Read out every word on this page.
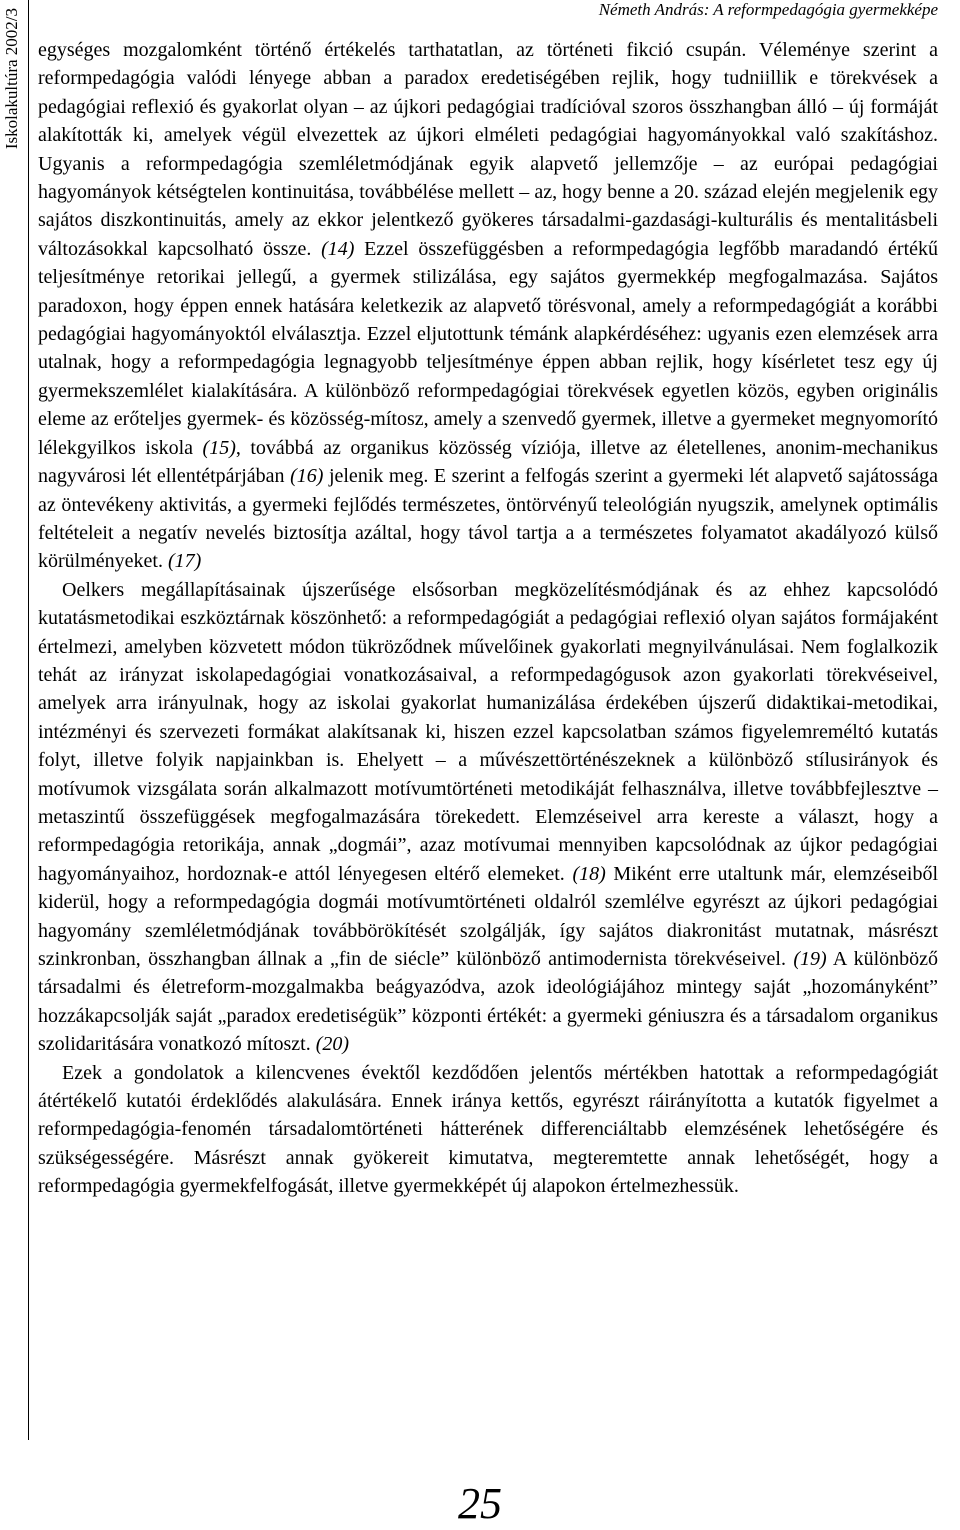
Iskolakultúra 2002/3	Németh András: A reformpedagógia gyermekképe

egységes mozgalomként történő értékelés tarthatatlan, az történeti fikció csupán. Véleménye szerint a reformpedagógia valódi lényege abban a paradox eredetiségében rejlik, hogy tudniillik e törekvések a pedagógiai reflexió és gyakorlat olyan – az újkori pedagógiai tradícióval szoros összhangban álló – új formáját alakították ki, amelyek végül elvezettek az újkori elméleti pedagógiai hagyományokkal való szakításhoz. Ugyanis a reformpedagógia szemléletmódjának egyik alapvető jellemzője – az európai pedagógiai hagyományok kétségtelen kontinuitása, továbbélése mellett – az, hogy benne a 20. század elején megjelenik egy sajátos diszkontinuitás, amely az ekkor jelentkező gyökeres társadalmi-gazdasági-kulturális és mentalitásbeli változásokkal kapcsolható össze. (14) Ezzel összefüggésben a reformpedagógia legfőbb maradandó értékű teljesítménye retorikai jellegű, a gyermek stilizálása, egy sajátos gyermekkép megfogalmazása. Sajátos paradoxon, hogy éppen ennek hatására keletkezik az alapvető törésvonal, amely a reformpedagógiát a korábbi pedagógiai hagyományoktól elválasztja. Ezzel eljutottunk témánk alapkérdéséhez: ugyanis ezen elemzések arra utalnak, hogy a reformpedagógia legnagyobb teljesítménye éppen abban rejlik, hogy kísérletet tesz egy új gyermekszemlélet kialakítására. A különböző reformpedagógiai törekvések egyetlen közös, egyben originális eleme az erőteljes gyermek- és közösség-mítosz, amely a szenvedő gyermek, illetve a gyermeket megnyomorító lélekgyilkos iskola (15), továbbá az organikus közösség víziója, illetve az életellenes, anonim-mechanikus nagyvárosi lét ellentétpárjában (16) jelenik meg. E szerint a felfogás szerint a gyermeki lét alapvető sajátossága az öntevékeny aktivitás, a gyermeki fejlődés természetes, öntörvényű teleológián nyugszik, amelynek optimális feltételeit a negatív nevelés biztosítja azáltal, hogy távol tartja a a természetes folyamatot akadályozó külső körülményeket. (17)

Oelkers megállapításainak újszerűsége elsősorban megközelítésmódjának és az ehhez kapcsolódó kutatásmetodikai eszköztárnak köszönhető: a reformpedagógiát a pedagógiai reflexió olyan sajátos formájaként értelmezi, amelyben közvetett módon tükröződnek művelőinek gyakorlati megnyilvánulásai. Nem foglalkozik tehát az irányzat iskolapedagógiai vonatkozásaival, a reformpedagógusok azon gyakorlati törekvéseivel, amelyek arra irányulnak, hogy az iskolai gyakorlat humanizálása érdekében újszerű didaktikai-metodikai, intézményi és szervezeti formákat alakítsanak ki, hiszen ezzel kapcsolatban számos figyelemreméltó kutatás folyt, illetve folyik napjainkban is. Ehelyett – a művészettörténészeknek a különböző stílusirányok és motívumok vizsgálata során alkalmazott motívumtörténeti metodikáját felhasználva, illetve továbbfejlesztve – metaszintű összefüggések megfogalmazására törekedett. Elemzéseivel arra kereste a választ, hogy a reformpedagógia retorikája, annak „dogmái”, azaz motívumai mennyiben kapcsolódnak az újkor pedagógiai hagyományaihoz, hordoznak-e attól lényegesen eltérő elemeket. (18) Miként erre utaltunk már, elemzéseiből kiderül, hogy a reformpedagógia dogmái motívumtörténeti oldalról szemlélve egyrészt az újkori pedagógiai hagyomány szemléletmódjának továbbörökítését szolgálják, így sajátos diakronitást mutatnak, másrészt szinkronban, összhangban állnak a „fin de siécle” különböző antimodernista törekvéseivel. (19) A különböző társadalmi és életreform-mozgalmakba beágyazódva, azok ideológiájához mintegy saját „hozományként” hozzákapcsolják saját „paradox eredetiségük” központi értékét: a gyermeki géniuszra és a társadalom organikus szolidaritására vonatkozó mítoszt. (20)

Ezek a gondolatok a kilencvenes évektől kezdődően jelentős mértékben hatottak a reformpedagógiát átértékelő kutatói érdeklődés alakulására. Ennek iránya kettős, egyrészt ráirányította a kutatók figyelmet a reformpedagógia-fenomén társadalomtörténeti hátterének differenciáltabb elemzésének lehetőségére és szükségességére. Másrészt annak gyökereit kimutatva, megteremtette annak lehetőségét, hogy a reformpedagógia gyermekfelfogását, illetve gyermekképét új alapokon értelmezhessük.

25
